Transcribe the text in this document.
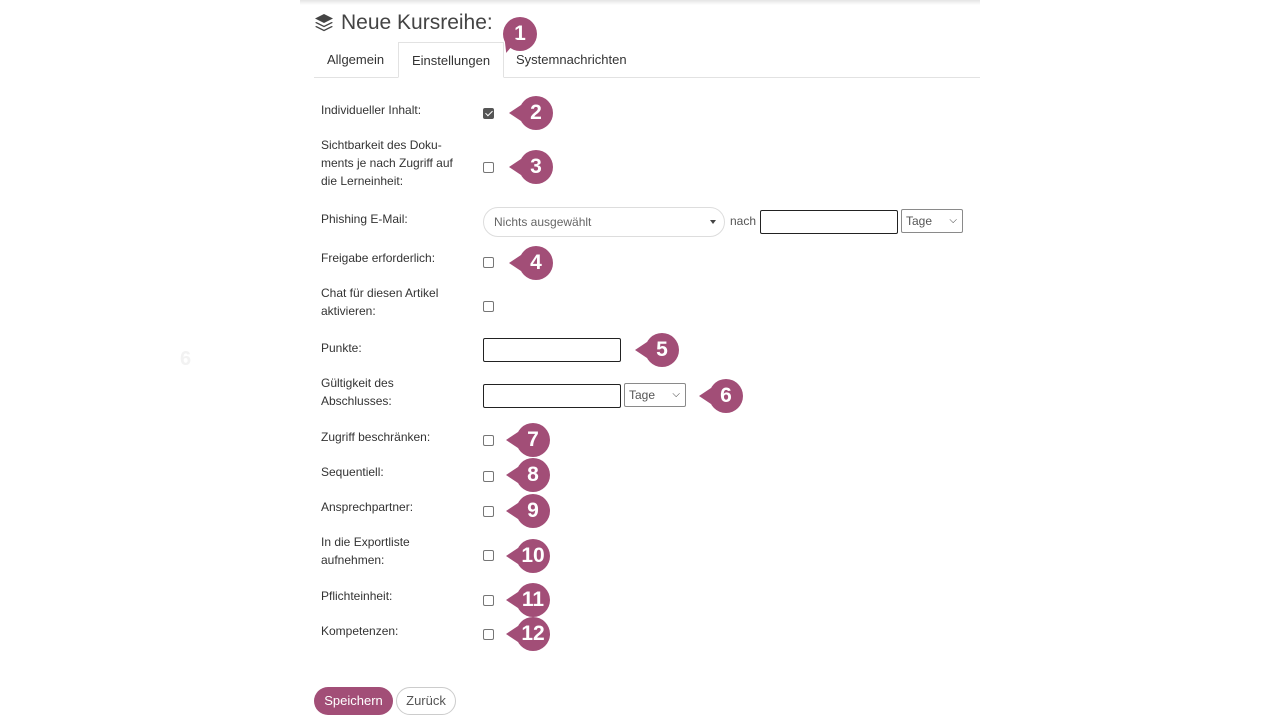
6
Neue Kursreihe:
Allgemein	Einstellungen	Systemnachrichten
Individueller Inhalt:
Sichtbarkeit des Doku-
ments je nach Zugriff auf
die Lerneinheit:
Phishing E-Mail:	Nichts ausgewählt	nach	Tage ⌵
Freigabe erforderlich:
Chat für diesen Artikel
aktivieren:
Punkte:
Gültigkeit des
Abschlusses:	Tage ⌵
Zugriff beschränken:
Sequentiell:
Ansprechpartner:
In die Exportliste
aufnehmen:
Pflichteinheit:
Kompetenzen:
1
2
3
4
5
6
7
8
9
10
11
12
Speichern	Zurück
